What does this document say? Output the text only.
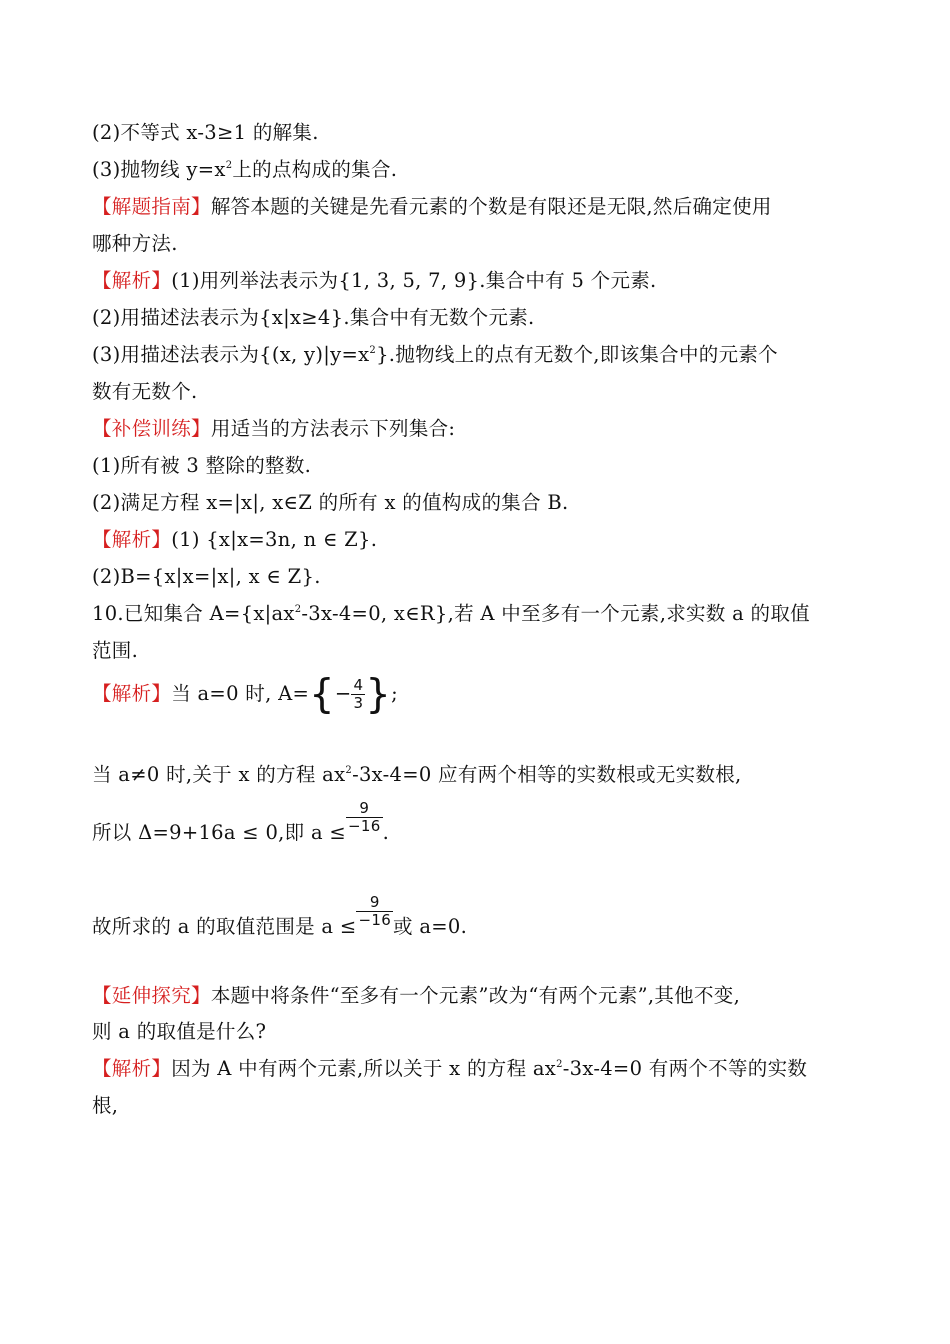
(2)不等式 x-3≥1 的解集.
(3)抛物线 $y=x^2$上的点构成的集合.
【解题指南】解答本题的关键是先看元素的个数是有限还是无限,然后确定使用
哪种方法.
【解析】(1)用列举法表示为{1, 3, 5, 7, 9}.集合中有 5 个元素.
(2)用描述法表示为{x|x≥4}.集合中有无数个元素.
(3)用描述法表示为{(x, $y)|y=x^2$}.抛物线上的点有无数个,即该集合中的元素个
数有无数个.
【补偿训练】用适当的方法表示下列集合:
(1)所有被 3 整除的整数.
(2)满足方程 x=|x|, x∈Z 的所有 x 的值构成的集合 B.
【解析】(1) {x|x=3n, n ∈ Z}.
(2)B={x|x=|x|, x ∈ Z}.
10.已知集合 $A=\{x|ax^2-3x-4=0$, x∈R},若 A 中至多有一个元素,求实数 a 的取值
范围.
【解析】当 a=0 时, $A=\{- \frac{4}{3}$ };
当 a≠0 时,关于 x 的方程 $ax^2-3x-4=0$ 应有两个相等的实数根或无实数根,
所以 Δ=9+16a ≤ 0,即 $a \le \frac{9}{-16}$ .
故所求的 a 的取值范围是 $a \le \frac{9}{-16}$ 或 a=0.
【延伸探究】本题中将条件“至多有一个元素”改为“有两个元素”,其他不变,
则 a 的取值是什么?
【解析】因为 A 中有两个元素,所以关于 x 的方程 $ax^2-3x-4=0$ 有两个不等的实数
根,
